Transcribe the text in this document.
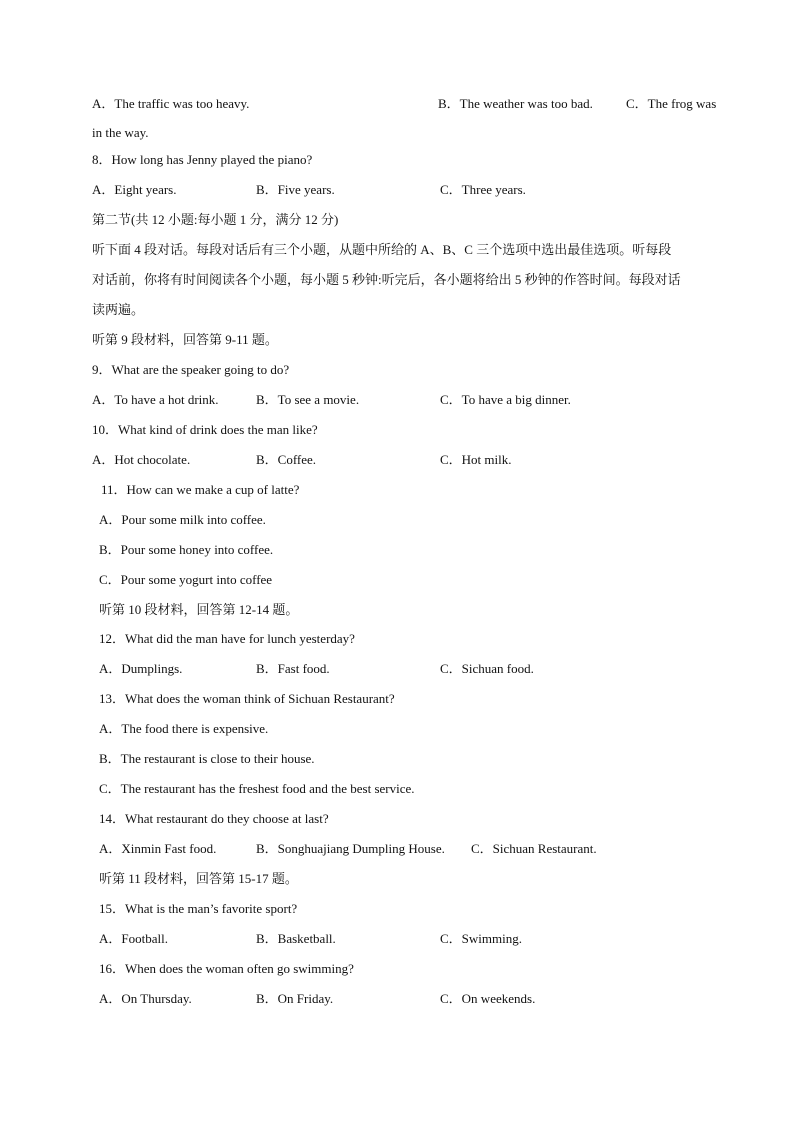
A．The traffic was too heavy.	B．The weather was too bad.	C．The frog was
in the way.
8．How long has Jenny played the piano?
A．Eight years.	B．Five years.	C．Three years.
第二节(共 12 小题:每小题 1 分，满分 12 分)
听下面 4 段对话。每段对话后有三个小题，从题中所给的 A、B、C 三个选项中选出最佳选项。听每段
对话前，你将有时间阅读各个小题，每小题 5 秒钟:听完后，各小题将给出 5 秒钟的作答时间。每段对话
读两遍。
听第 9 段材料，回答第 9-11 题。
9．What are the speaker going to do?
A．To have a hot drink.	B．To see a movie.	C．To have a big dinner.
10．What kind of drink does the man like?
A．Hot chocolate.	B．Coffee.	C．Hot milk.
11．How can we make a cup of latte?
A．Pour some milk into coffee.
B．Pour some honey into coffee.
C．Pour some yogurt into coffee
听第 10 段材料，回答第 12-14 题。
12．What did the man have for lunch yesterday?
A．Dumplings.	B．Fast food.	C．Sichuan food.
13．What does the woman think of Sichuan Restaurant?
A．The food there is expensive.
B．The restaurant is close to their house.
C．The restaurant has the freshest food and the best service.
14．What restaurant do they choose at last?
A．Xinmin Fast food.	B．Songhuajiang Dumpling House. C．Sichuan Restaurant.
听第 11 段材料，回答第 15-17 题。
15．What is the man’s favorite sport?
A．Football.	B．Basketball.	C．Swimming.
16．When does the woman often go swimming?
A．On Thursday.	B．On Friday.	C．On weekends.
